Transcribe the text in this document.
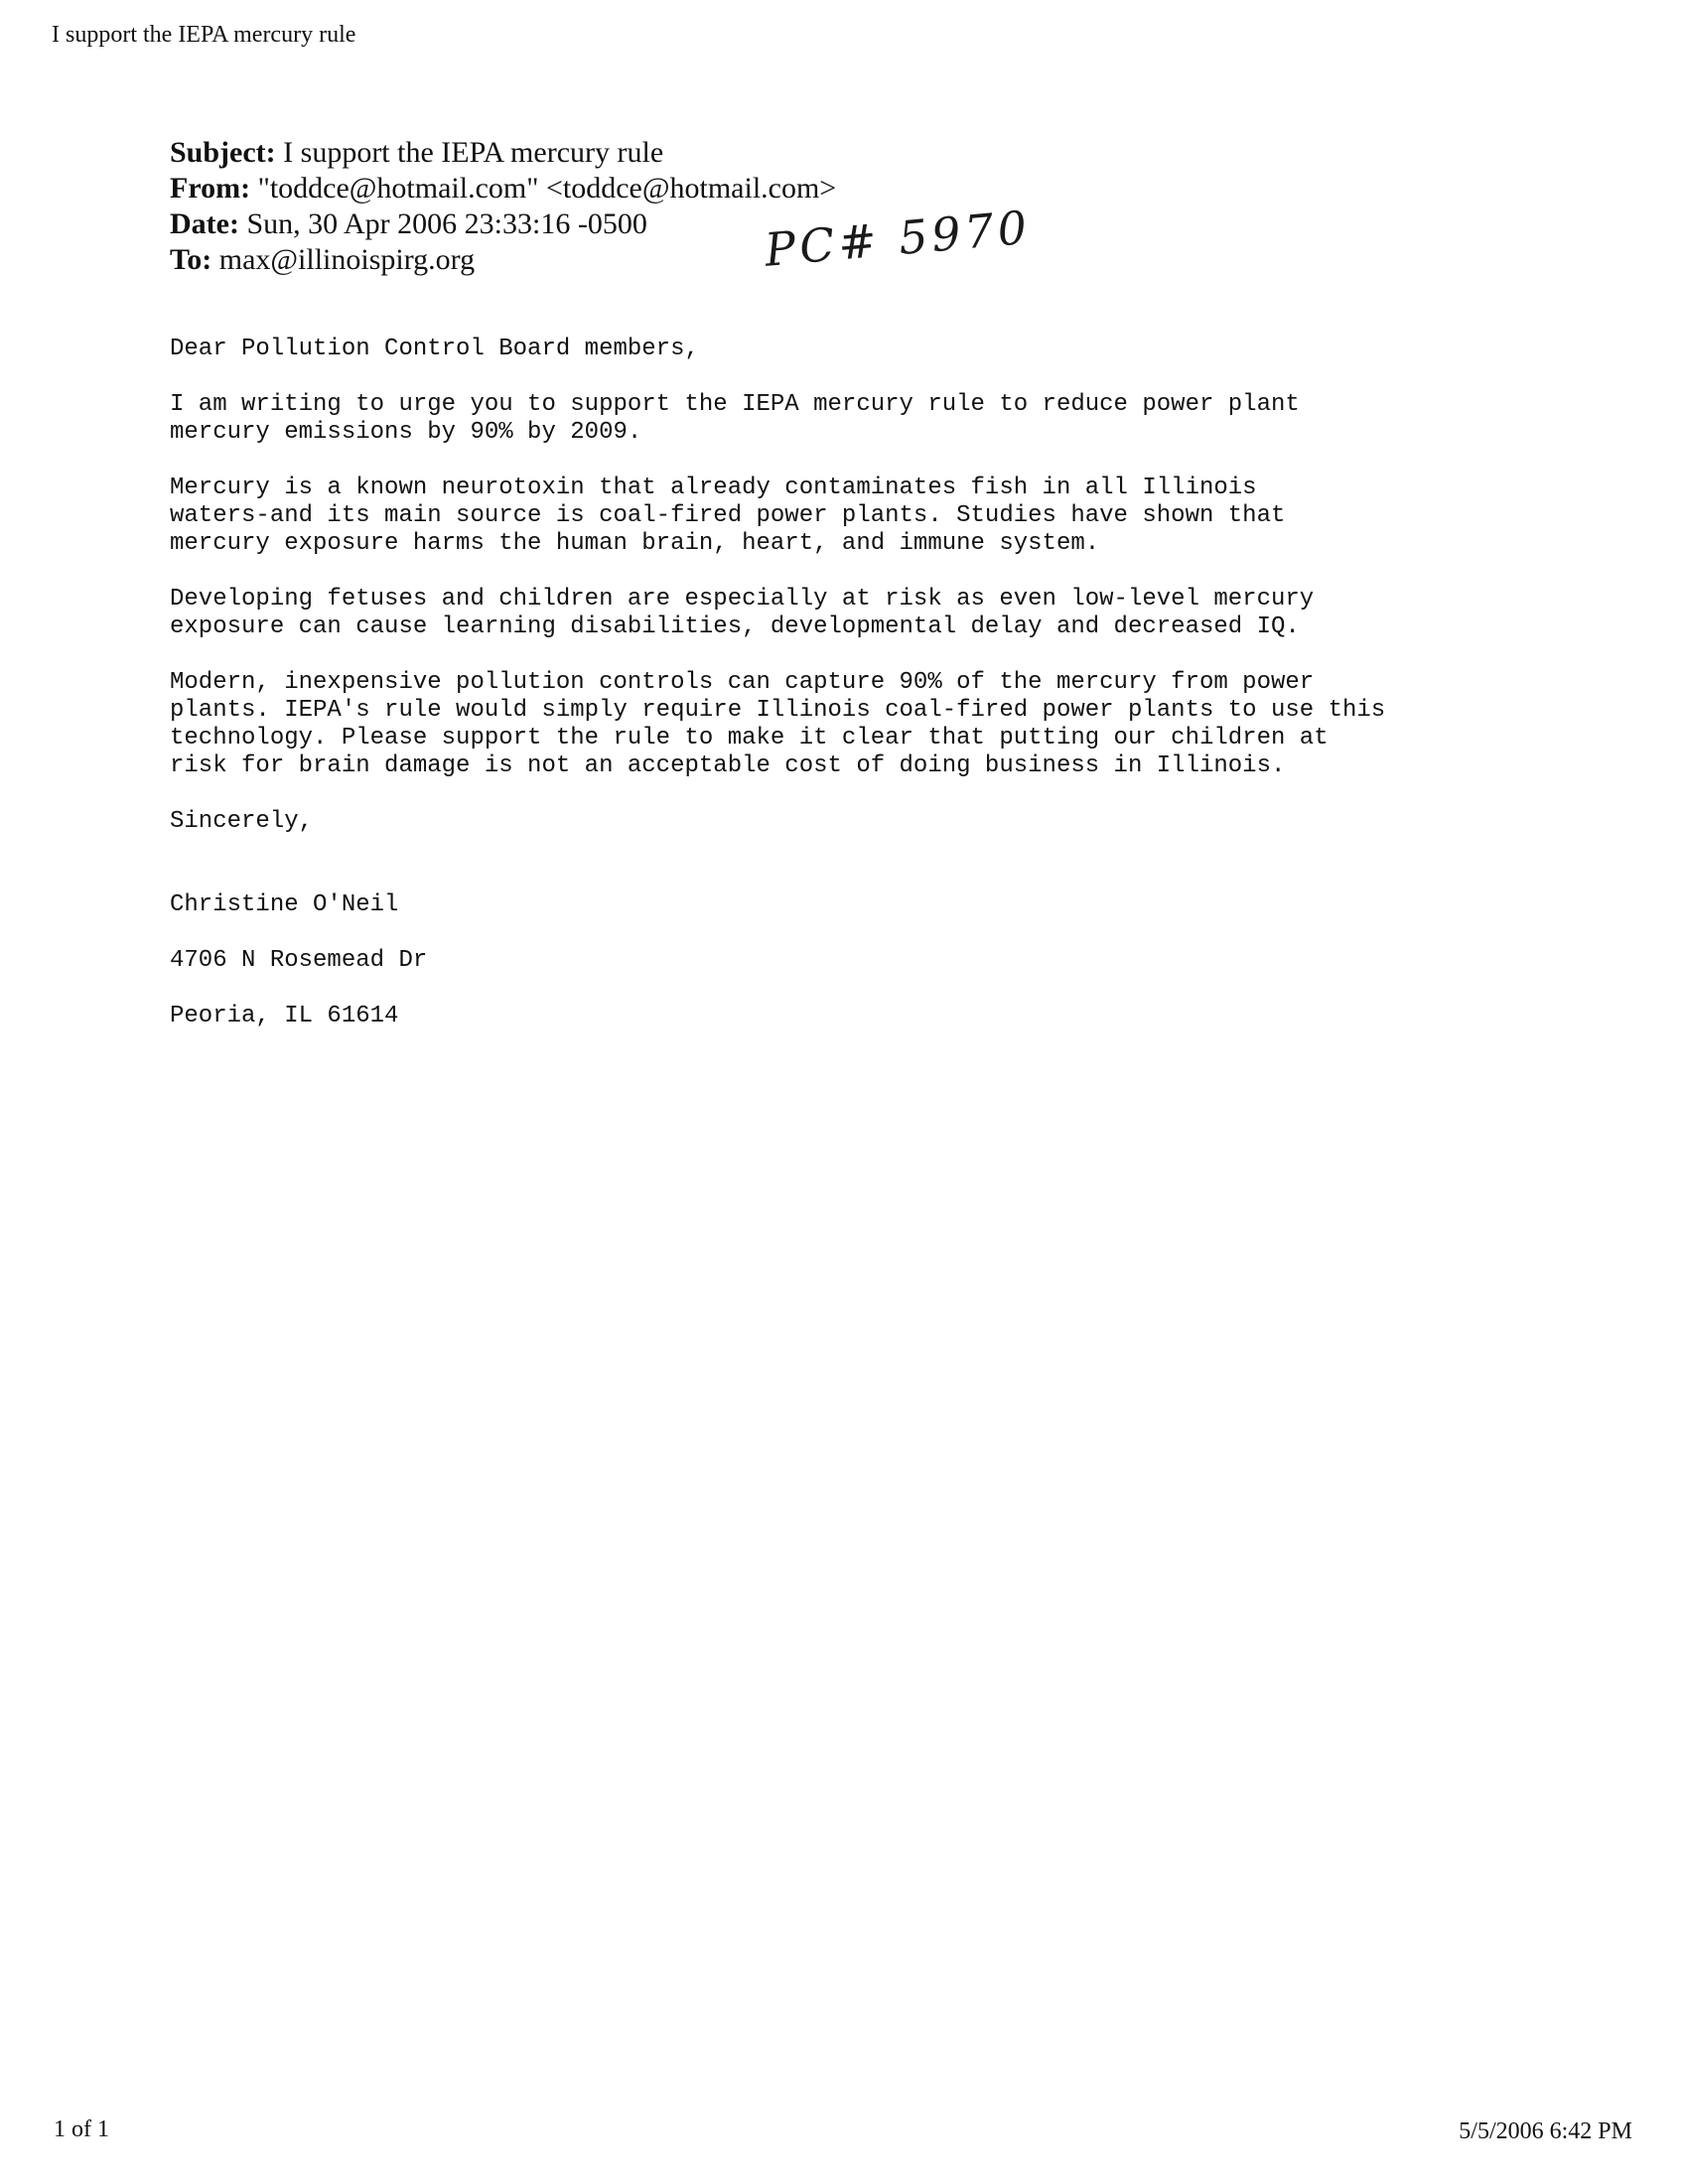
I support the IEPA mercury rule
Subject: I support the IEPA mercury rule
From: "toddce@hotmail.com" <toddce@hotmail.com>
Date: Sun, 30 Apr 2006 23:33:16 -0500
To: max@illinoispirg.org	PC# 5970

Dear Pollution Control Board members,

I am writing to urge you to support the IEPA mercury rule to reduce power plant
mercury emissions by 90% by 2009.

Mercury is a known neurotoxin that already contaminates fish in all Illinois
waters-and its main source is coal-fired power plants. Studies have shown that
mercury exposure harms the human brain, heart, and immune system.

Developing fetuses and children are especially at risk as even low-level mercury
exposure can cause learning disabilities, developmental delay and decreased IQ.

Modern, inexpensive pollution controls can capture 90% of the mercury from power
plants. IEPA's rule would simply require Illinois coal-fired power plants to use this
technology. Please support the rule to make it clear that putting our children at
risk for brain damage is not an acceptable cost of doing business in Illinois.

Sincerely,

Christine O'Neil

4706 N Rosemead Dr

Peoria, IL 61614

1 of 1	5/5/2006 6:42 PM
